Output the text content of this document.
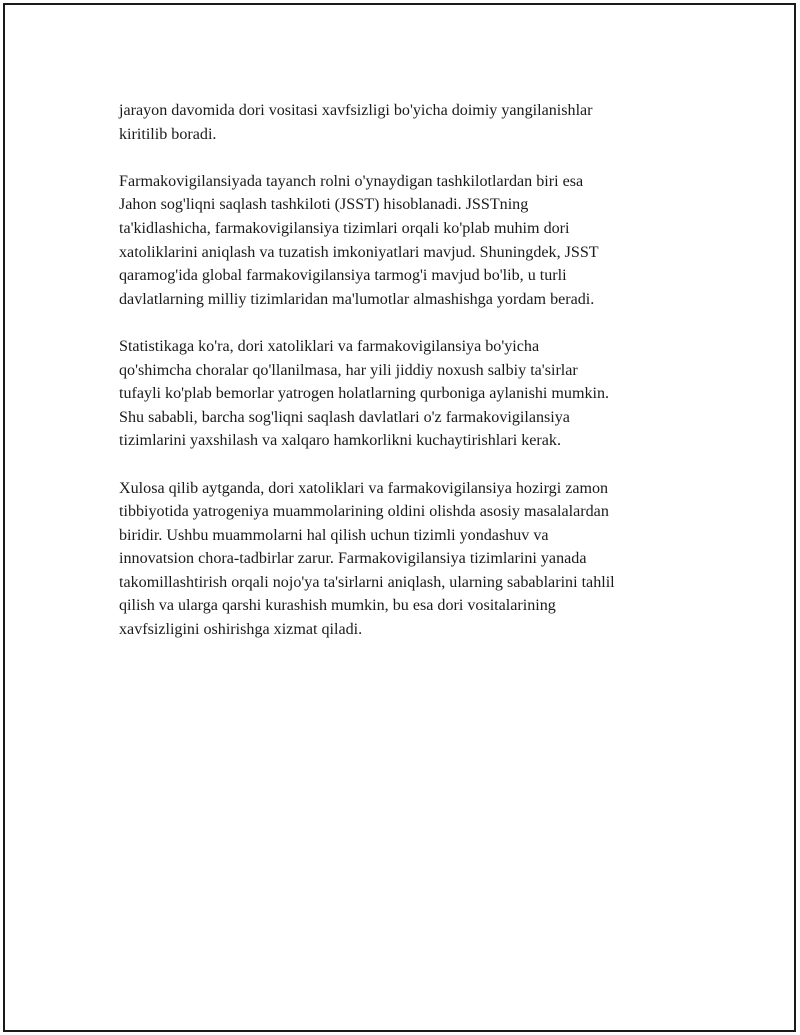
jarayon davomida dori vositasi xavfsizligi bo'yicha doimiy yangilanishlar
kiritilib boradi.

Farmakovigilansiyada tayanch rolni o'ynaydigan tashkilotlardan biri esa
Jahon sog'liqni saqlash tashkiloti (JSST) hisoblanadi. JSSTning
ta'kidlashicha, farmakovigilansiya tizimlari orqali ko'plab muhim dori
xatoliklarini aniqlash va tuzatish imkoniyatlari mavjud. Shuningdek, JSST
qaramog'ida global farmakovigilansiya tarmog'i mavjud bo'lib, u turli
davlatlarning milliy tizimlaridan ma'lumotlar almashishga yordam beradi.

Statistikaga ko'ra, dori xatoliklari va farmakovigilansiya bo'yicha
qo'shimcha choralar qo'llanilmasa, har yili jiddiy noxush salbiy ta'sirlar
tufayli ko'plab bemorlar yatrogen holatlarning qurboniga aylanishi mumkin.
Shu sababli, barcha sog'liqni saqlash davlatlari o'z farmakovigilansiya
tizimlarini yaxshilash va xalqaro hamkorlikni kuchaytirishlari kerak.

Xulosa qilib aytganda, dori xatoliklari va farmakovigilansiya hozirgi zamon
tibbiyotida yatrogeniya muammolarining oldini olishda asosiy masalalardan
biridir. Ushbu muammolarni hal qilish uchun tizimli yondashuv va
innovatsion chora-tadbirlar zarur. Farmakovigilansiya tizimlarini yanada
takomillashtirish orqali nojo'ya ta'sirlarni aniqlash, ularning sabablarini tahlil
qilish va ularga qarshi kurashish mumkin, bu esa dori vositalarining
xavfsizligini oshirishga xizmat qiladi.
